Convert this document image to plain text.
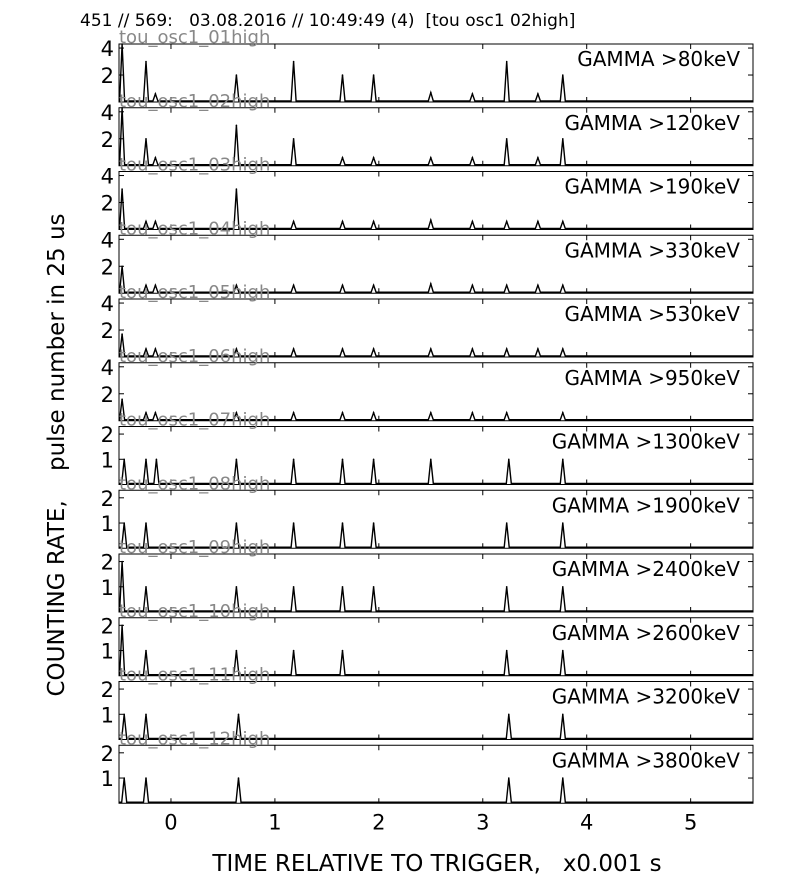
451 // 569:   03.08.2016 // 10:49:49 (4)  [tou osc1 02high]
COUNTING RATE,    pulse number in 25 us
TIME RELATIVE TO TRIGGER,   x0.001 s
2
4	GAMMA >80keV
tou_osc1_01high
2
4	GAMMA >120keV
tou_osc1_02high
2
4	GAMMA >190keV
tou_osc1_03high
2
4	GAMMA >330keV
tou_osc1_04high
2
4	GAMMA >530keV
tou_osc1_05high
2
4	GAMMA >950keV
tou_osc1_06high
1
2	GAMMA >1300keV
tou_osc1_07high
1
2	GAMMA >1900keV
tou_osc1_08high
1
2	GAMMA >2400keV
tou_osc1_09high
1
2	GAMMA >2600keV
tou_osc1_10high
1
2	GAMMA >3200keV
tou_osc1_11high
1
2	GAMMA >3800keV
tou_osc1_12high
0	1	2	3	4	5
